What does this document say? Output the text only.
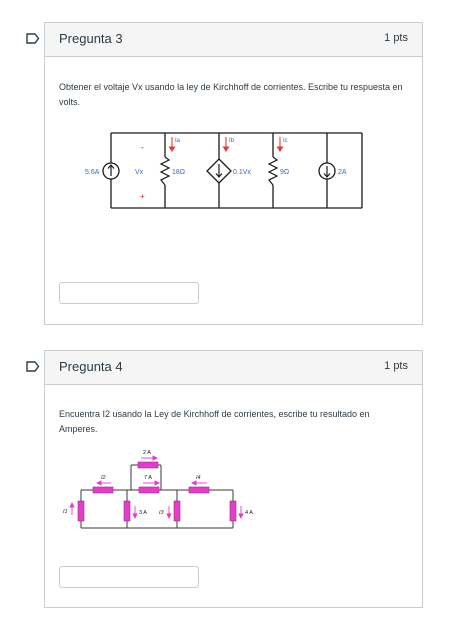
Pregunta 3	1 pts
Obtener el voltaje Vx usando la ley de Kirchhoff de corrientes. Escribe tu respuesta en volts.
5.6A	Vx
-
+
Ia	Ib	Ic
18Ω	0.1Vx	9Ω	2A
Pregunta 4	1 pts
Encuentra I2 usando la Ley de Kirchhoff de corrientes, escribe tu resultado en Amperes.
2 A
I2	7 A	I4
I1	3 A I3	4 A
